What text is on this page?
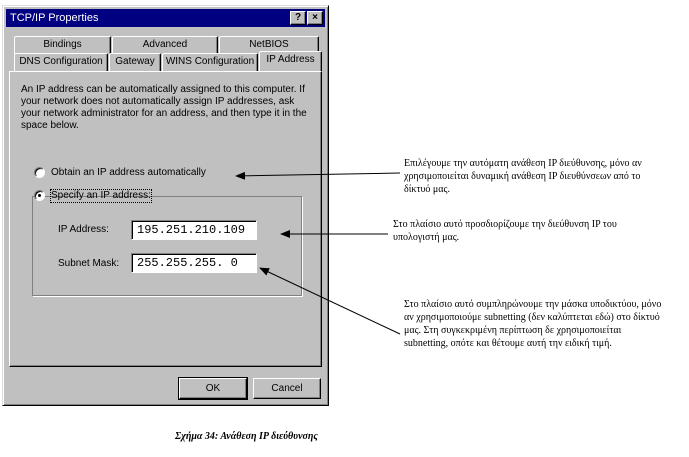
TCP/IP Properties	?	×
Bindings	Advanced	NetBIOS
DNS Configuration	Gateway	WINS Configuration	IP Address
An IP address can be automatically assigned to this computer. If your network does not automatically assign IP addresses, ask your network administrator for an address, and then type it in the space below.
Obtain an IP address automatically
Specify an IP address:
IP Address:	195.251.210.109
Subnet Mask:	255.255.255. 0
OK	Cancel
Επιλέγουμε την αυτόματη ανάθεση IP διεύθυνσης, μόνο αν χρησιμοποιείται δυναμική ανάθεση IP διευθύνσεων από το δίκτυό μας.
Στο πλαίσιο αυτό προσδιορίζουμε την διεύθυνση IP του υπολογιστή μας.
Στο πλαίσιο αυτό συμπληρώνουμε την μάσκα υποδικτύου, μόνο αν χρησιμοποιούμε subnetting (δεν καλύπτεται εδώ) στο δίκτυό μας. Στη συγκεκριμένη περίπτωση δε χρησιμοποιείται subnetting, οπότε και θέτουμε αυτή την ειδική τιμή.
Σχήμα 34: Ανάθεση IP διεύθυνσης
